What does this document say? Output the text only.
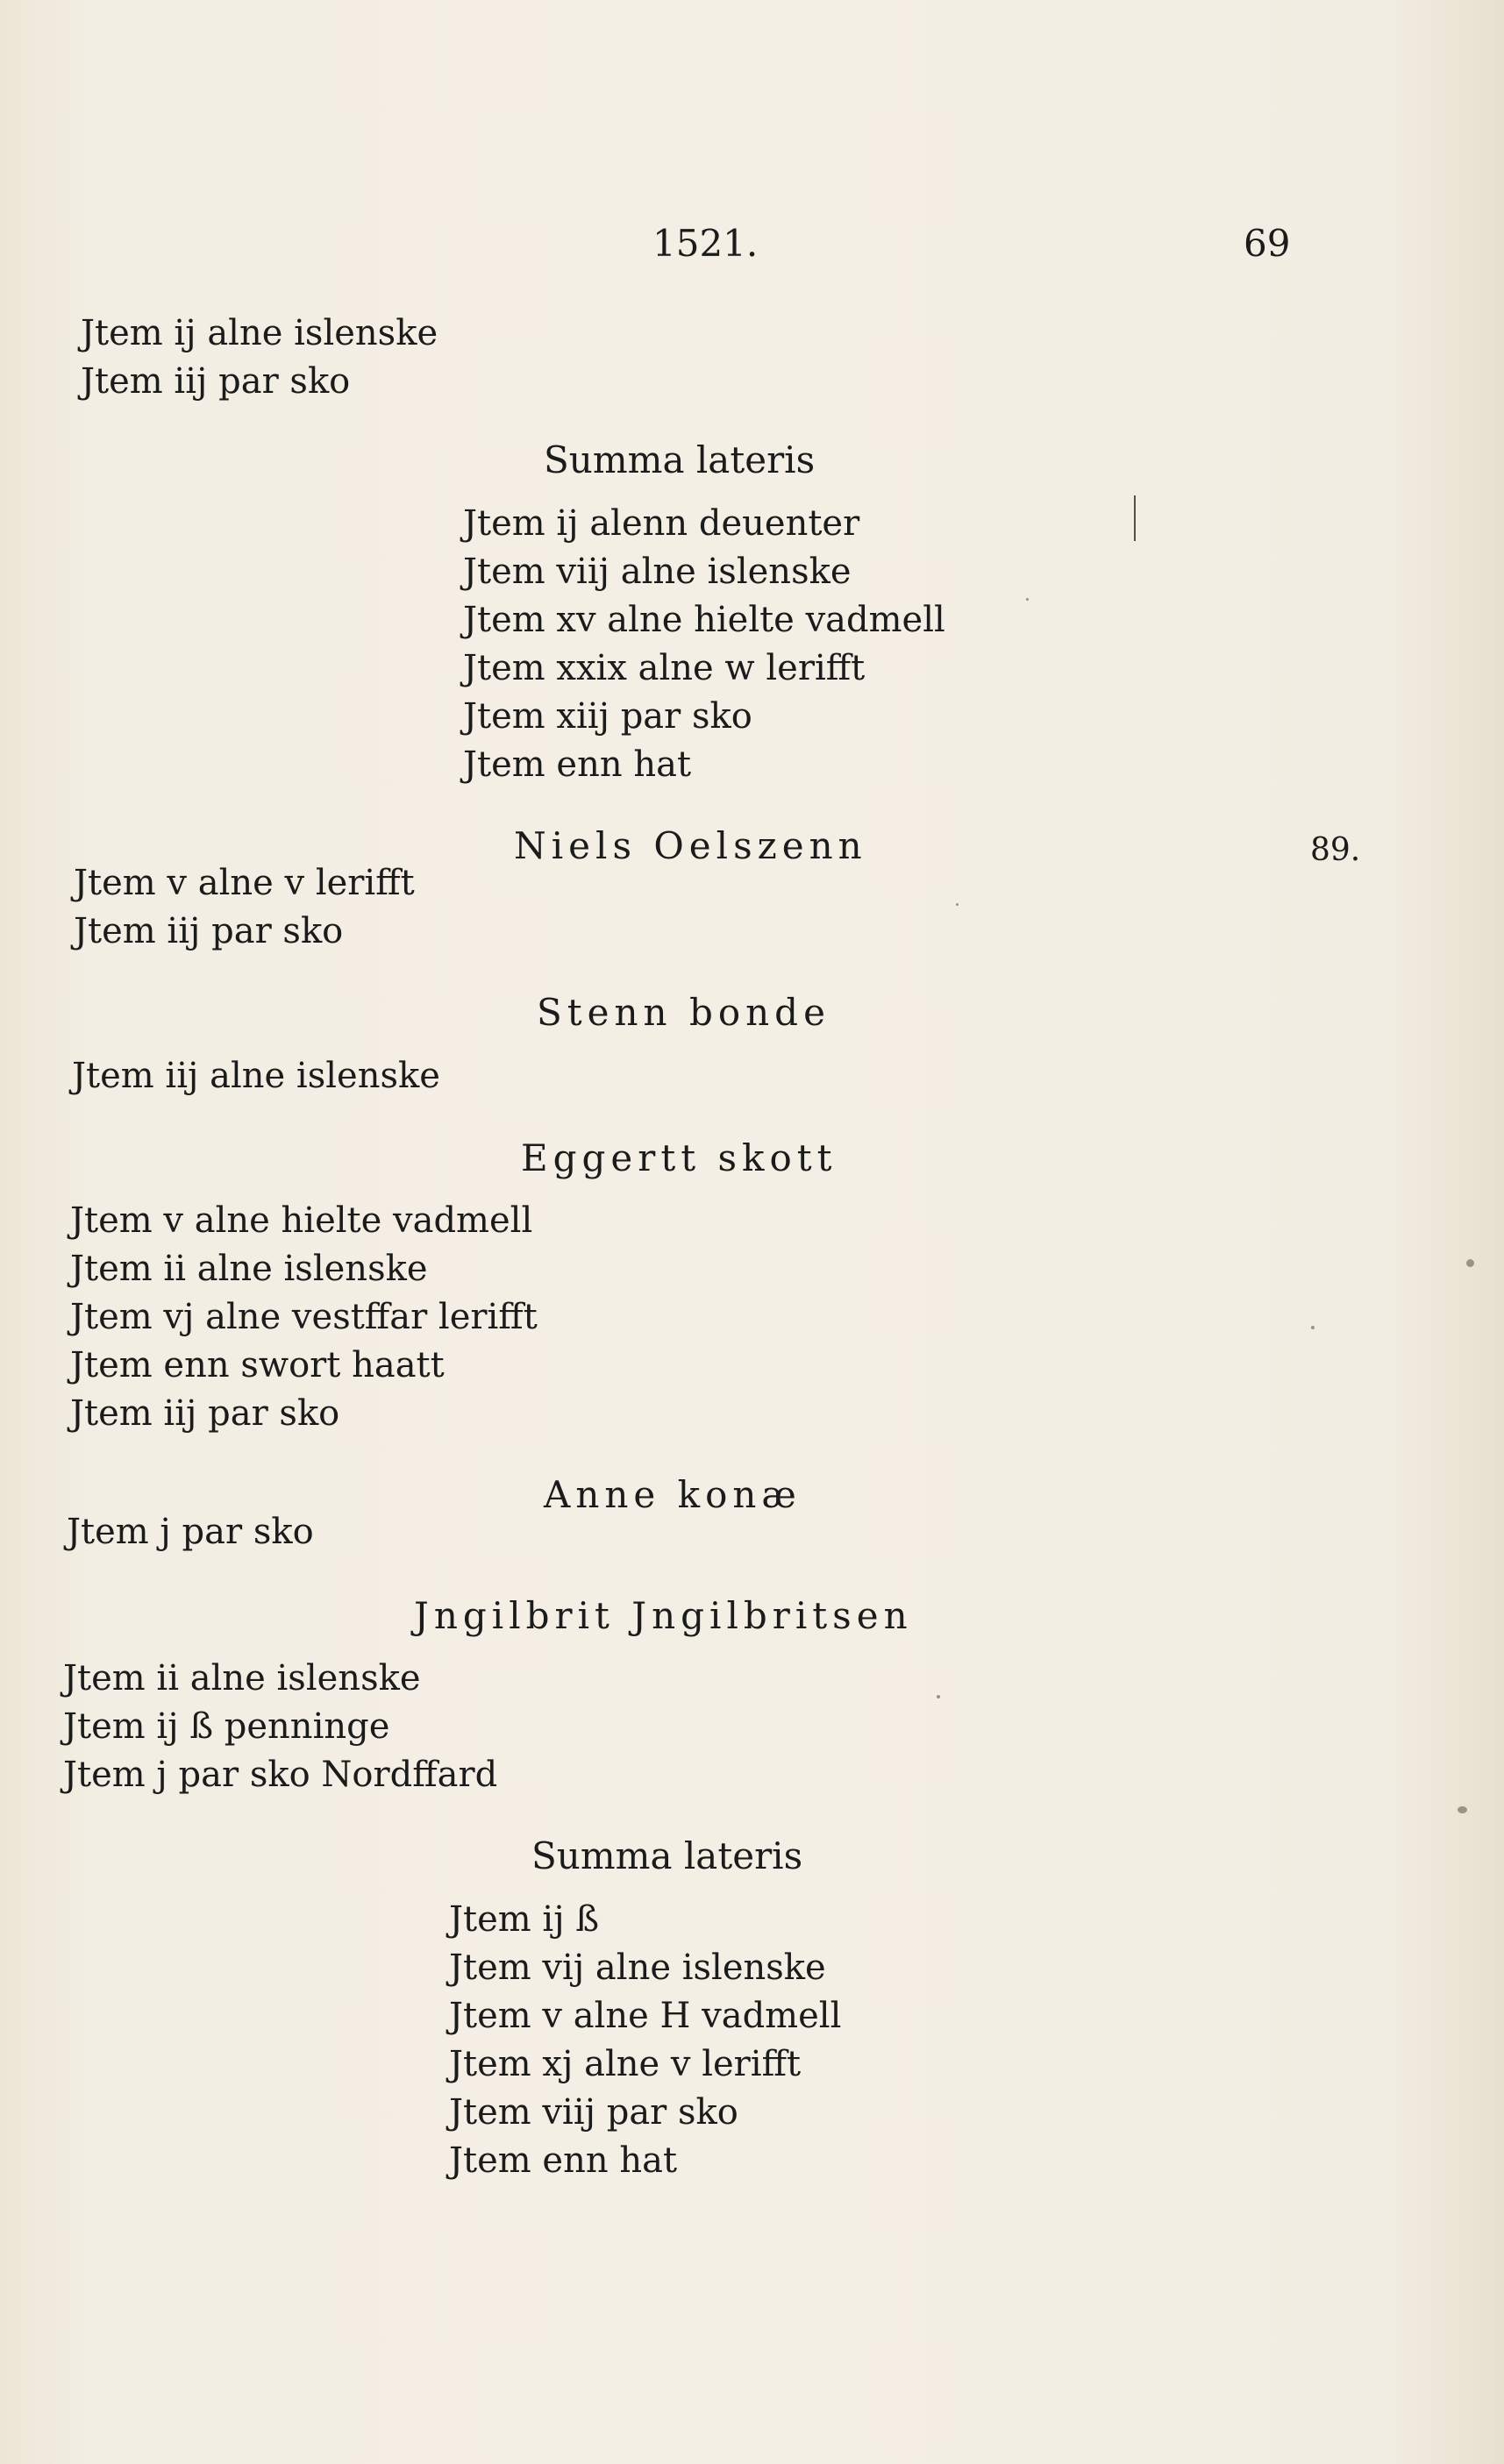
1521.	69
Jtem ij alne islenske
Jtem iij par sko
Summa lateris
Jtem ij alenn deuenter
Jtem viij alne islenske
Jtem xv alne hielte vadmell
Jtem xxix alne w lerifft
Jtem xiij par sko
Jtem enn hat
Niels Oelszenn
Jtem v alne v lerifft
Jtem iij par sko
89.
Stenn bonde
Jtem iij alne islenske
Eggertt skott
Jtem v alne hielte vadmell
Jtem ii alne islenske
Jtem vj alne vestffar lerifft
Jtem enn swort haatt
Jtem iij par sko
Anne konæ
Jtem j par sko
Jngilbrit Jngilbritsen
Jtem ii alne islenske
Jtem ij ß penninge
Jtem j par sko Nordffard
Summa lateris
Jtem ij ß
Jtem vij alne islenske
Jtem v alne H vadmell
Jtem xj alne v lerifft
Jtem viij par sko
Jtem enn hat
